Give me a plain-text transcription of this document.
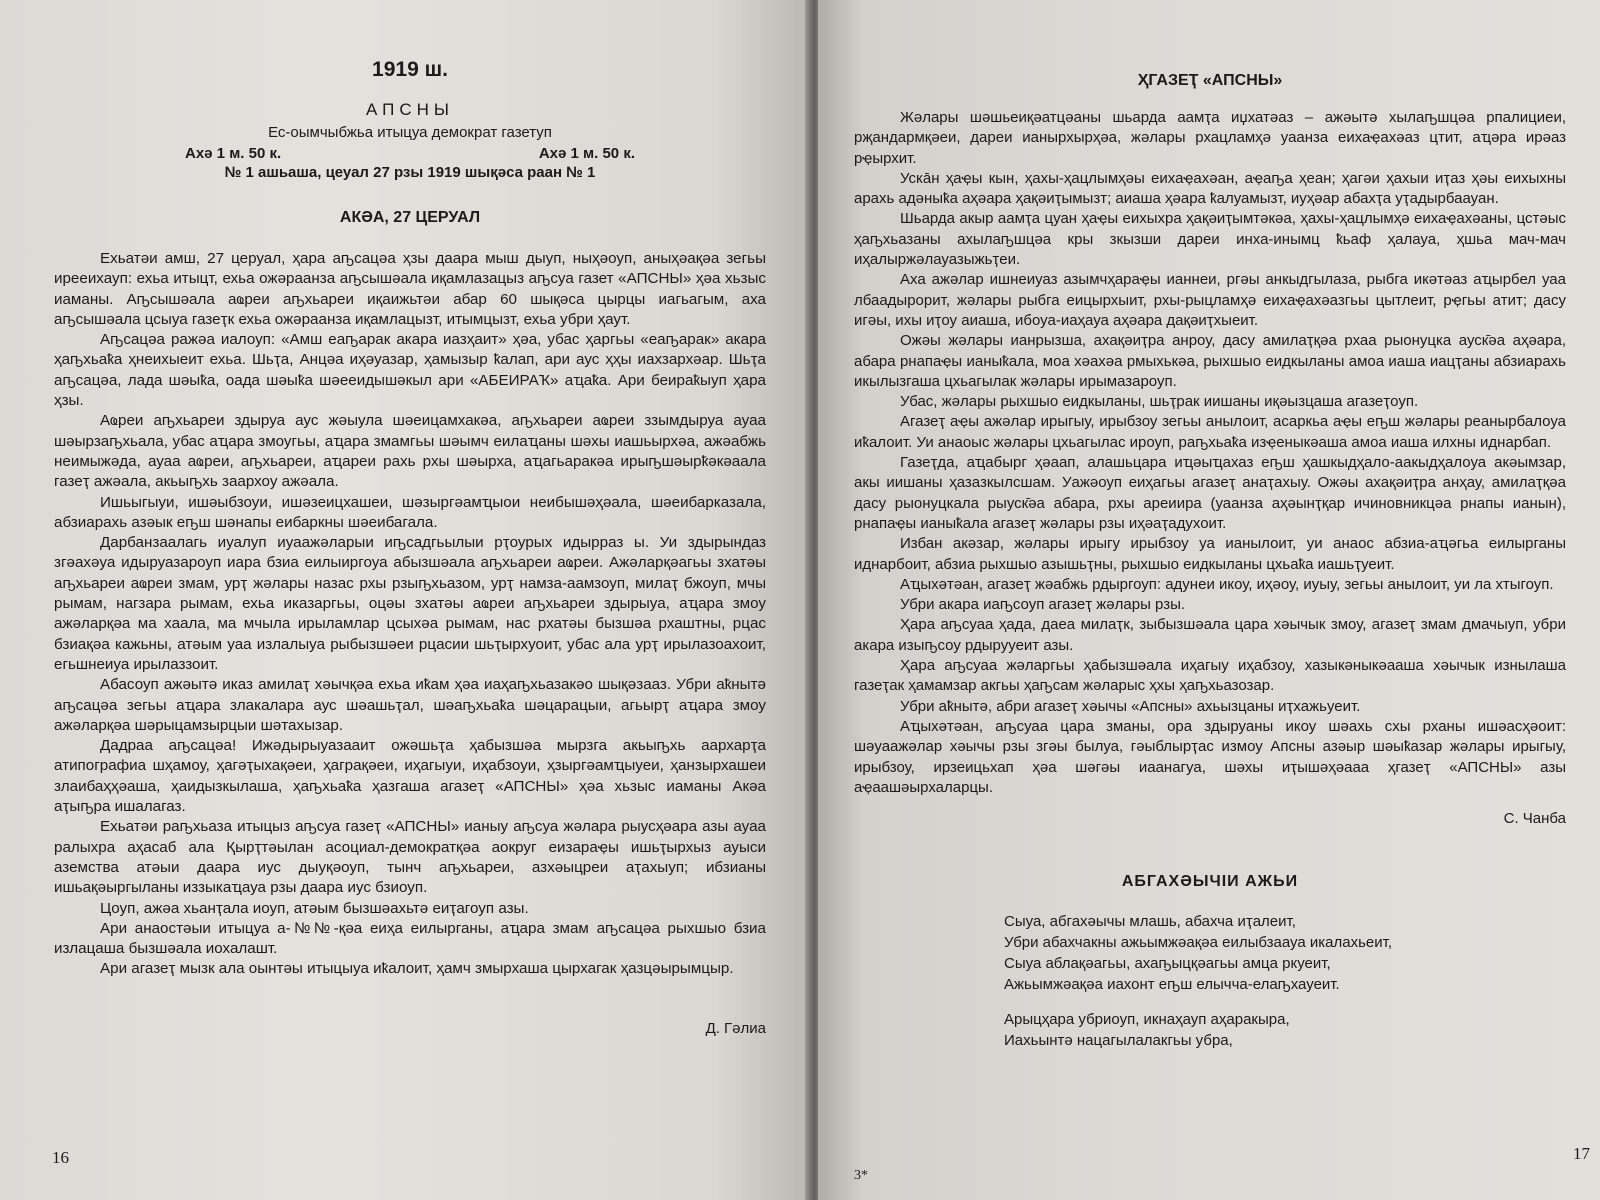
1919 ш.

АПСНЫ

Ес-оымчыбжьа итыцуа демократ газетуп

Ахә 1 м. 50 к.	Ахә 1 м. 50 к.

№ 1 ашьаша, цеуал 27 рзы 1919 шықәса раан № 1

АКӘА, 27 ЦЕРУАЛ

Ехьатәи амш, 27 церуал, ҳара аҧсацәа ҳзы даара мыш дыуп, ныҳәоуп, аныҳәақәа зегьы ирееихауп: ехьа итыцт, ехьа ожәраанза аҧсышәала иқамлазацыз аҧсуа газет «АПСНЫ» ҳәа хьзыс иаманы. Аҧсышәала аҩреи аҧхьареи иқаижьтәи абар 60 шықәса цырцы иагьагым, аха аҧсышәала цсыуа газеҭк ехьа ожәраанза иқамлацызт, итымцызт, ехьа убри ҳаут.

Аҧсацәа ражәа иалоуп: «Амш еаҧарак акара иазҳаит» ҳәа, убас ҳаргьы «еаҧарак» акара ҳаҧхьаҟа ҳнеихыеит ехьа. Шьҭа, Анцәа иҳәуазар, ҳамызыр ҟалап, ари аус ҳҳы иахзархәар. Шьҭа аҧсацәа, лада шәыҟа, оада шәыҟа шәееидышәкыл ари «АБЕИРАҠ» аҵаҟа. Ари беираҟыуп ҳара ҳзы.

Аҩреи аҧхьареи здыруа аус жәыула шәеицамхакәа, аҧхьареи аҩреи ззымдыруа ауаа шәырзаҧхьала, убас аҵара змоугьы, аҵара змамгьы шәымч еилаҵаны шәхы иашьырхәа, ажәабжь неимыжәда, ауаа аҩреи, аҧхьареи, аҵареи рахь рхы шәырха, аҵагьаракәа ирыҧшәырҟәкәаала газеҭ ажәала, акьыҧхь заархоу ажәала.

Ишьыгыуи, ишәыбзоуи, ишәзеицхашеи, шәзыргәамҵыои неибышәҳәала, шәеибарказала, абзиарахь азәык еҧш шәнапы еибаркны шәеибагала.

Дарбанзаалагь иуалуп иуаажәларыи иҧсадгьылыи рҭоурых идырраз ы. Уи здырындаз згәахәуа идыруазароуп иара бзиа еилыиргоуа абызшәала аҧхьареи аҩреи. Ажәларқәагьы зхатәы аҧхьареи аҩреи змам, урҭ жәлары назас рхы рзыҧхьазом, урҭ намза-аамзоуп, милаҭ бжоуп, мчы рымам, нагзара рымам, ехьа иказаргьы, оцәы зхатәы аҩреи аҧхьареи здырыуа, аҵара змоу ажәларқәа ма хаала, ма мчыла ирыламлар цсыхәа рымам, нас рхатәы бызшәа рхаштны, рцас бзиақәа кажьны, атәым уаа излалыуа рыбызшәеи рцасии шьҭырхуоит, убас ала урҭ ирылазоахоит, егьшнеиуа ирылаззоит.

Абасоуп ажәытә иказ амилаҭ хәычқәа ехьа иҟам ҳәа иаҳаҧхьазакәо шықәзааз. Убри аҟнытә аҧсацәа зегьы аҵара злакалара аус шәашьҭал, шәаҧхьаҟа шәцарацыи, агьырҭ аҵара змоу ажәларқәа шәрыцамзырцыи шәтахызар.

Дадраа аҧсацәа! Ижәдырыуазааит ожәшьҭа ҳабызшәа мырзга акьыҧхь аархарҭа атипографиа шҳамоу, ҳагәҭыхақәеи, ҳаграқәеи, иҳагыуи, иҳабзоуи, ҳзыргәамҵыуеи, ҳанзырхашеи злаибаҳҳәаша, ҳаидызкылаша, ҳаҧхьаҟа ҳазгаша агазеҭ «АПСНЫ» ҳәа хьзыс иаманы Акәа аҭыҧра ишалагаз.

Ехьатәи раҧхьаза итыцыз аҧсуа газеҭ «АПСНЫ» ианыу аҧсуа жәлара рыусҳәара азы ауаа ралыхра аҳасаб ала Қырҭтәылан асоциал-демократқәа аокруг еизараҿы ишьҭырхыз ауыси аземства атәыи даара иус дыуқәоуп, тынч аҧхьареи, азхәыцреи аҭахыуп; ибзианы ишьақәыргыланы иззыкаҵауа рзы даара иус бзиоуп.

Цоуп, ажәа хьанҭала иоуп, атәым бызшәахьтә еиҭагоуп азы.

Ари анаостәыи итыцуа а-№№-қәа еиҳа еилырганы, аҵара змам аҧсацәа рыхшыо бзиа излацаша бызшәала иохалашт.

Ари агазеҭ мызк ала оынтәы итыцыуа иҟалоит, ҳамч змырхаша цырхагак ҳазцәырымцыр.

Д. Гәлиа

16

ҲГАЗЕҬ «АПСНЫ»

Жәлары шәшьеиқәатцәаны шьарда аамҭа иџхатәаз – ажәытә хылаҧшцәа рпалициеи, рҗандармқәеи, дареи ианырхырҳәа, жәлары рхацламҳә уаанза еихаҿахәаз цтит, аҵәра ирәаз рҿырхит.

Уска̄н ҳаҿы кын, ҳахы-ҳацлымҳәы еихаҿахәан, аҿаҧа ҳеан; ҳагәи ҳахыи иҭаз ҳәы еихыхны арахь адәныҟа аҳәара ҳақәиҭымызт; аиаша ҳәара ҟалуамызт, иуҳәар абахҭа уҭадырбаауан.

Шьарда акыр аамҭа цуан ҳаҿы еихыхра ҳақәиҭымтәкәа, ҳахы-ҳацлымҳә еихаҿахәаны, цстәыс ҳаҧхьазаны ахылаҧшцәа кры зкызши дареи инха-инымц ҟьаф ҳалауа, ҳшьа мач-мач иҳалыржәлауазыжьҭеи.

Аха ажәлар ишнеиуаз азымчҳараҿы ианнеи, ргәы анкыдгылаза, рыбга икәтәаз аҵырбел уаа лбаадырорит, жәлары рыбга еицырхыит, рхы-рыцламҳә еихаҿахәазгьы цытлеит, рҿгьы атит; дасу игәы, ихы иҭоу аиаша, ибоуа-иаҳауа аҳәара дақәиҭхыеит.

Ожәы жәлары ианрызша, ахақәиҭра анроу, дасу амилаҭқәа рхаа рыонуцка ауск̄әа аҳәара, абара рнапаҿы ианыҟала, моа хәахәа рмыхькәа, рыхшыо еидкыланы амоа иаша иацҭаны абзиарахь икылызгаша цхьагылак жәлары ирымазароуп.

Убас, жәлары рыхшыо еидкыланы, шьҭрак иишаны иқәызцаша агазеҭоуп.

Агазеҭ аҿы ажәлар ирыгыу, ирыбзоу зегьы анылоит, асаркьа аҿы еҧш жәлары реанырбалоуа иҟалоит. Уи анаоыс жәлары цхьагылас ироуп, раҧхьаҟа изҿеныкәаша амоа иаша илхны иднарбап.

Газеҭда, аҵабырг ҳәаап, алашьцара иҵәыҵахаз еҧш ҳашкыдҳало-аакыдҳалоуа акәымзар, акы иишаны ҳазазкылсшам. Уажәоуп еиҳагьы агазеҭ анаҭахыу. Ожәы ахақәиҭра анҳау, амилаҭқәа дасу рыонуцкала рыуск̄әа абара, рхы ареиира (уаанза аҳәынҭқар ичиновникцәа рнапы ианын), рнапаҿы ианыҟала агазеҭ жәлары рзы иҳәаҭадухоит.

Избан акәзар, жәлары ирыгу ирыбзоу уа ианылоит, уи анаос абзиа-аҵәгьа еилырганы иднарбоит, абзиа рыхшыо азышьҭны, рыхшыо еидкыланы цхьаҟа иашьҭуеит.

Аҵыхәтәан, агазеҭ жәабжь рдыргоуп: адунеи икоу, иҳәоу, иуыу, зегьы анылоит, уи ла хтыгоуп.

Убри акара иаҧсоуп агазеҭ жәлары рзы.

Ҳара аҧсуаа ҳада, даеа милаҭк, зыбызшәала цара хәычык змоу, агазеҭ змам дмачыуп, убри акара изыҧсоу рдырууеит азы.

Ҳара аҧсуаа жәларгьы ҳабызшәала иҳагыу иҳабзоу, хазыкәныкәааша хәычык изнылаша газеҭак ҳамамзар акгьы ҳаҧсам жәларыс ҳхы ҳаҧхьазозар.

Убри аҟнытә, абри агазеҭ хәычы «Апсны» ахьызцаны иҭхажьуеит.

Аҵыхәтәан, аҧсуаа цара зманы, оpа здыруаны икоу шәахь схы рханы ишәасҳәоит: шәуаажәлар хәычы рзы згәы былуа, гәыблырҭас измоу Апсны азәыр шәыҟазар жәлары ирыгыу, ирыбзоу, ирзеицьхап ҳәа шәгәы иаанагуа, шәхы иҭышәҳәааа ҳгазеҭ «АПСНЫ» азы аҿаашәырхаларцы.

С. Чанба

АБГАХӘЫЧӀИ АЖЬИ

Сыуа, абгахәычы млашь, абахча иҭалеит,

Убри абахчакны ажьымжәақәа еилыбзаауа икалахьеит,

Сыуа аблақәагьы, ахаҧыцқәагьы амца ркуеит,

Ажьымжәақәа иахонт еҧш елычча-елаҧхауеит.

Арыцҳара убриоуп, икнаҳауп аҳаракыра,

Иахьынтә нацагылалакгьы убра,

3*
17
